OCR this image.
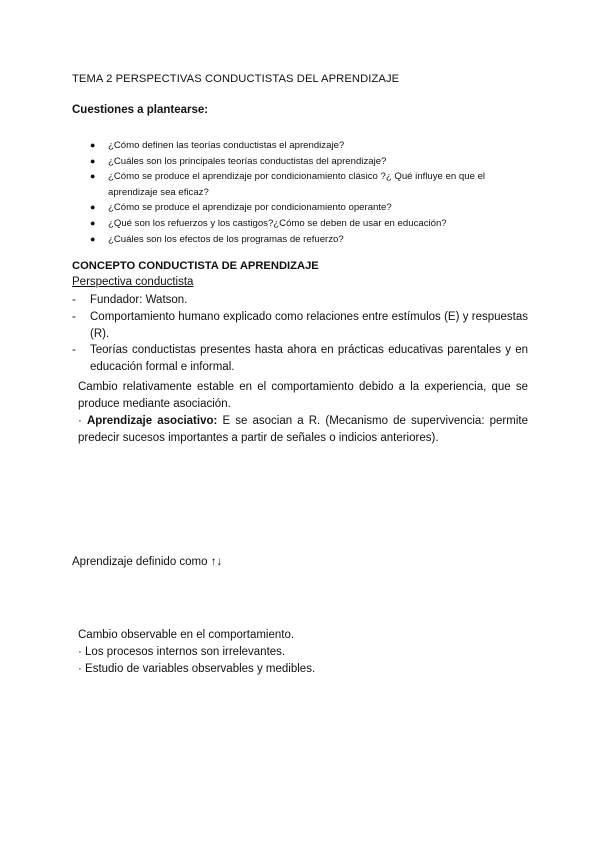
TEMA 2 PERSPECTIVAS CONDUCTISTAS DEL APRENDIZAJE
Cuestiones a plantearse:
● ¿Cómo definen las teorías conductistas el aprendizaje?
● ¿Cuáles son los principales teorías conductistas del aprendizaje?
● ¿Cómo se produce el aprendizaje por condicionamiento clásico ?¿ Qué influye en que el aprendizaje sea eficaz?
● ¿Cómo se produce el aprendizaje por condicionamiento operante?
● ¿Qué son los refuerzos y los castigos?¿Cómo se deben de usar en educación?
● ¿Cuáles son los efectos de los programas de refuerzo?
CONCEPTO CONDUCTISTA DE APRENDIZAJE
Perspectiva conductista
-	Fundador: Watson.
-	Comportamiento humano explicado como relaciones entre estímulos (E) y respuestas (R).
-	Teorías conductistas presentes hasta ahora en prácticas educativas parentales y en educación formal e informal.
Cambio relativamente estable en el comportamiento debido a la experiencia, que se produce mediante asociación.
· Aprendizaje asociativo: E se asocian a R. (Mecanismo de supervivencia: permite predecir sucesos importantes a partir de señales o indicios anteriores).
Aprendizaje definido como ↑↓
Cambio observable en el comportamiento.
· Los procesos internos son irrelevantes.
· Estudio de variables observables y medibles.
